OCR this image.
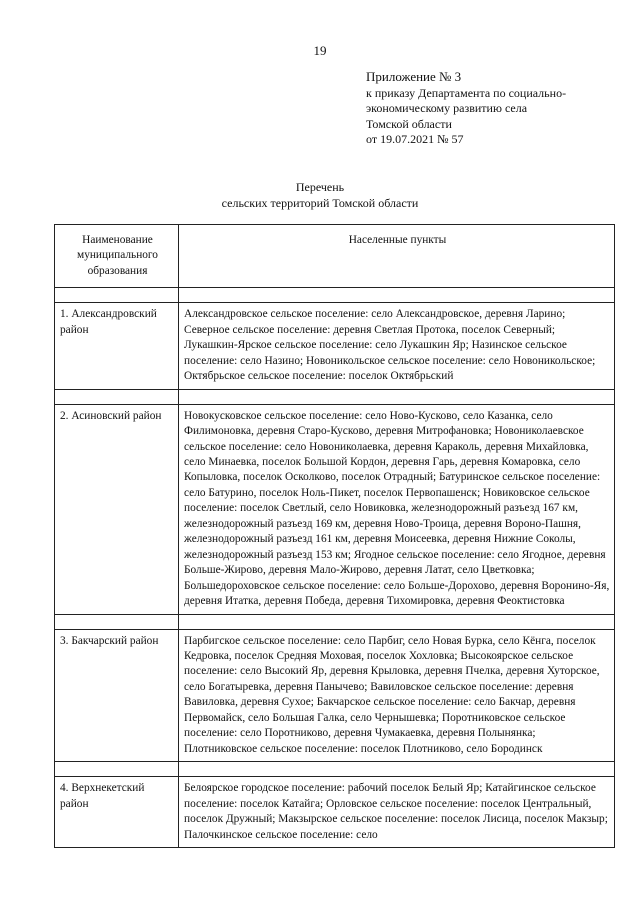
19
Приложение № 3
к приказу Департамента по социально-
экономическому развитию села
Томской области
от 19.07.2021 № 57
Перечень
сельских территорий Томской области
Наименование муниципального образования	Населенные пункты

1. Александровский район	Александровское сельское поселение: село Александровское, деревня Ларино; Северное сельское поселение: деревня Светлая Протока, поселок Северный; Лукашкин-Ярское сельское поселение: село Лукашкин Яр; Назинское сельское поселение: село Назино; Новоникольское сельское поселение: село Новоникольское; Октябрьское сельское поселение: поселок Октябрьский

2. Асиновский район	Новокусковское сельское поселение: село Ново-Кусково, село Казанка, село Филимоновка, деревня Старо-Кусково, деревня Митрофановка; Новониколаевское сельское поселение: село Новониколаевка, деревня Караколь, деревня Михайловка, село Минаевка, поселок Большой Кордон, деревня Гарь, деревня Комаровка, село Копыловка, поселок Осколково, поселок Отрадный; Батуринское сельское поселение: село Батурино, поселок Ноль-Пикет, поселок Первопашенск; Новиковское сельское поселение: поселок Светлый, село Новиковка, железнодорожный разъезд 167 км, железнодорожный разъезд 169 км, деревня Ново-Троица, деревня Вороно-Пашня, железнодорожный разъезд 161 км, деревня Моисеевка, деревня Нижние Соколы, железнодорожный разъезд 153 км; Ягодное сельское поселение: село Ягодное, деревня Больше-Жирово, деревня Мало-Жирово, деревня Латат, село Цветковка; Большедороховское сельское поселение: село Больше-Дорохово, деревня Воронино-Яя, деревня Итатка, деревня Победа, деревня Тихомировка, деревня Феоктистовка

3. Бакчарский район	Парбигское сельское поселение: село Парбиг, село Новая Бурка, село Кёнга, поселок Кедровка, поселок Средняя Моховая, поселок Хохловка; Высокоярское сельское поселение: село Высокий Яр, деревня Крыловка, деревня Пчелка, деревня Хуторское, село Богатыревка, деревня Панычево; Вавиловское сельское поселение: деревня Вавиловка, деревня Сухое; Бакчарское сельское поселение: село Бакчар, деревня Первомайск, село Большая Галка, село Чернышевка; Поротниковское сельское поселение: село Поротниково, деревня Чумакаевка, деревня Полынянка; Плотниковское сельское поселение: поселок Плотниково, село Бородинск

4. Верхнекетский район	Белоярское городское поселение: рабочий поселок Белый Яр; Катайгинское сельское поселение: поселок Катайга; Орловское сельское поселение: поселок Центральный, поселок Дружный; Макзырское сельское поселение: поселок Лисица, поселок Макзыр; Палочкинское сельское поселение: село
